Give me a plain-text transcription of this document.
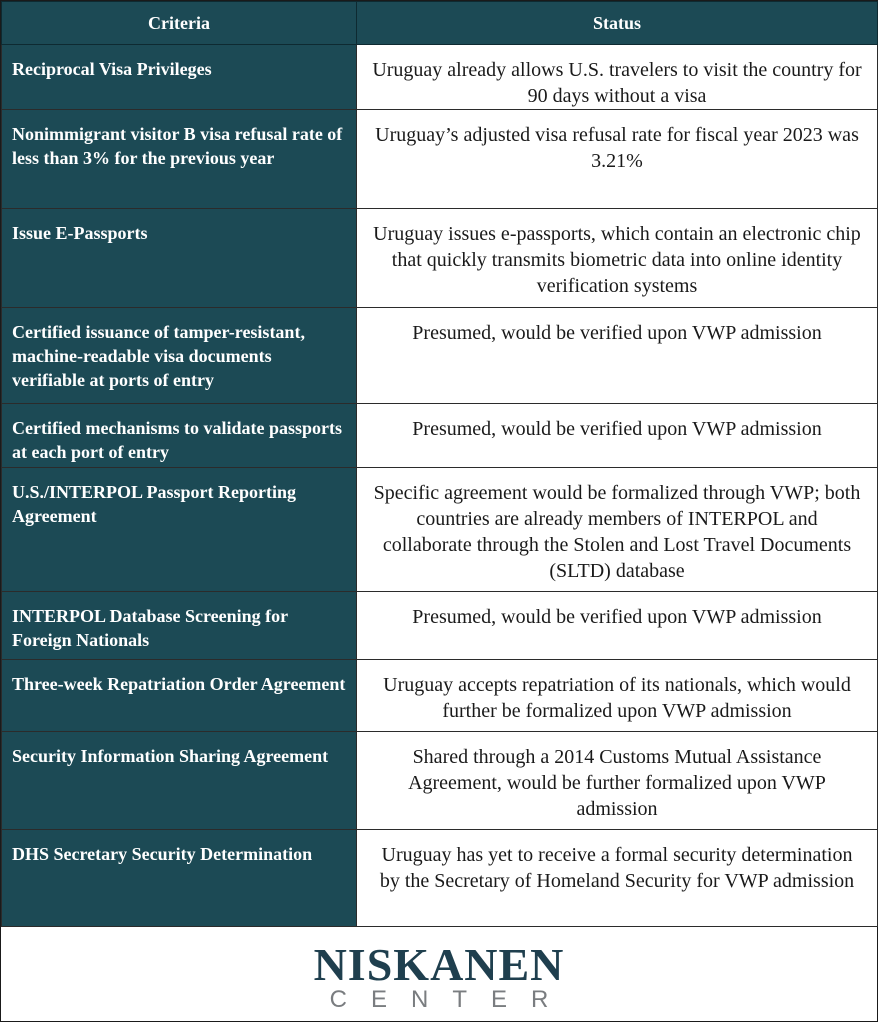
Criteria	Status
Reciprocal Visa Privileges	Uruguay already allows U.S. travelers to visit the country for 90 days without a visa
Nonimmigrant visitor B visa refusal rate of less than 3% for the previous year	Uruguay’s adjusted visa refusal rate for fiscal year 2023 was 3.21%
Issue E-Passports	Uruguay issues e-passports, which contain an electronic chip that quickly transmits biometric data into online identity verification systems
Certified issuance of tamper-resistant, machine-readable visa documents verifiable at ports of entry	Presumed, would be verified upon VWP admission
Certified mechanisms to validate passports at each port of entry	Presumed, would be verified upon VWP admission
U.S./INTERPOL Passport Reporting Agreement	Specific agreement would be formalized through VWP; both countries are already members of INTERPOL and collaborate through the Stolen and Lost Travel Documents (SLTD) database
INTERPOL Database Screening for Foreign Nationals	Presumed, would be verified upon VWP admission
Three-week Repatriation Order Agreement	Uruguay accepts repatriation of its nationals, which would further be formalized upon VWP admission
Security Information Sharing Agreement	Shared through a 2014 Customs Mutual Assistance Agreement, would be further formalized upon VWP admission
DHS Secretary Security Determination	Uruguay has yet to receive a formal security determination by the Secretary of Homeland Security for VWP admission
NISKANEN
CENTER
